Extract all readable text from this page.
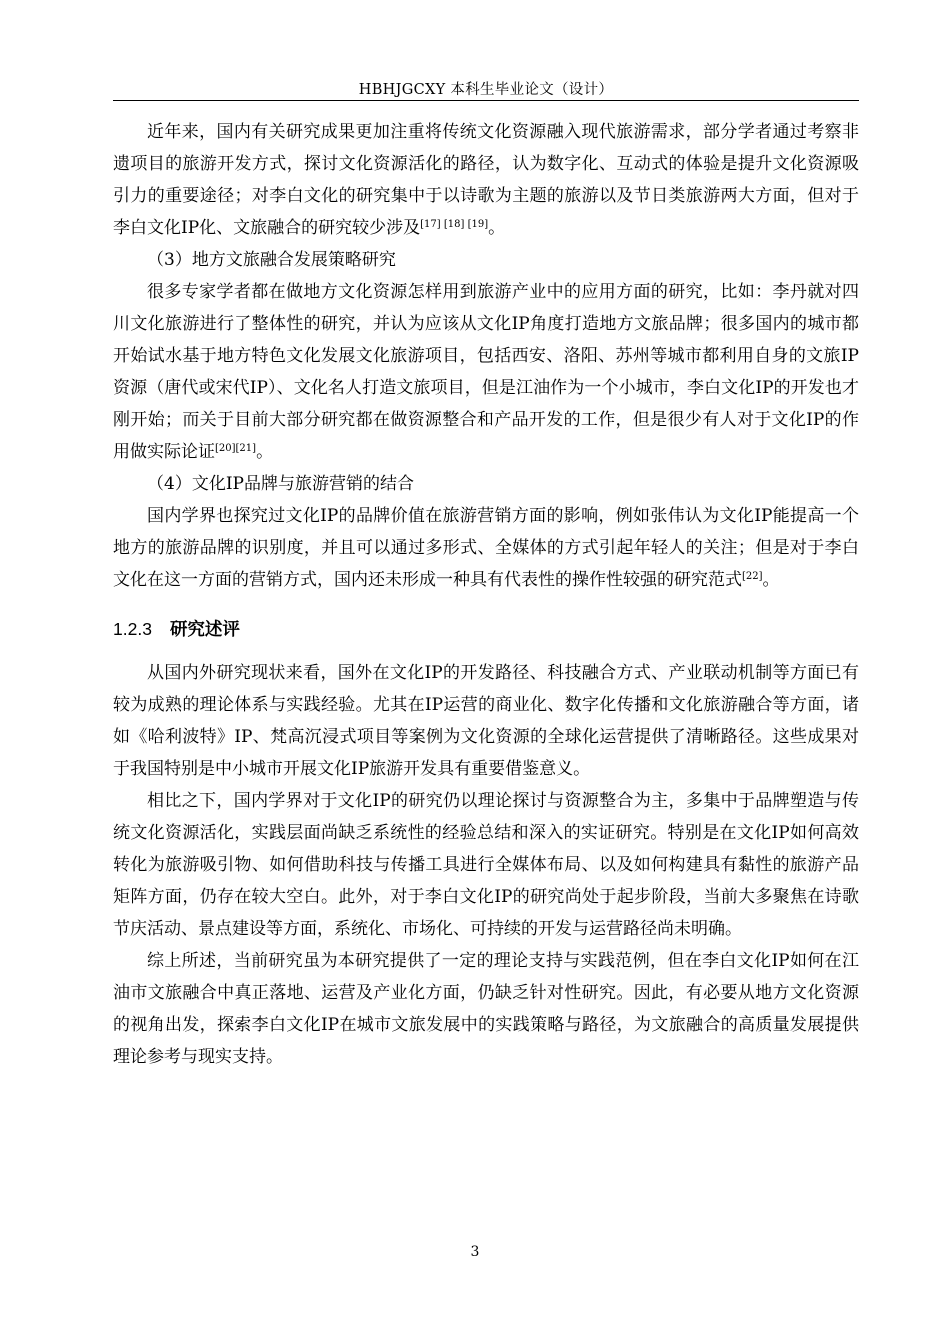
HBHJGCXY 本科生毕业论文（设计）

近年来，国内有关研究成果更加注重将传统文化资源融入现代旅游需求，部分学者通过考察非遗项目的旅游开发方式，探讨文化资源活化的路径，认为数字化、互动式的体验是提升文化资源吸引力的重要途径；对李白文化的研究集中于以诗歌为主题的旅游以及节日类旅游两大方面，但对于李白文化IP化、文旅融合的研究较少涉及[17] [18] [19]。

（3）地方文旅融合发展策略研究

很多专家学者都在做地方文化资源怎样用到旅游产业中的应用方面的研究，比如：李丹就对四川文化旅游进行了整体性的研究，并认为应该从文化IP角度打造地方文旅品牌；很多国内的城市都开始试水基于地方特色文化发展文化旅游项目，包括西安、洛阳、苏州等城市都利用自身的文旅IP资源（唐代或宋代IP）、文化名人打造文旅项目，但是江油作为一个小城市，李白文化IP的开发也才刚开始；而关于目前大部分研究都在做资源整合和产品开发的工作，但是很少有人对于文化IP的作用做实际论证[20][21]。

（4）文化IP品牌与旅游营销的结合

国内学界也探究过文化IP的品牌价值在旅游营销方面的影响，例如张伟认为文化IP能提高一个地方的旅游品牌的识别度，并且可以通过多形式、全媒体的方式引起年轻人的关注；但是对于李白文化在这一方面的营销方式，国内还未形成一种具有代表性的操作性较强的研究范式[22]。

1.2.3 研究述评

从国内外研究现状来看，国外在文化IP的开发路径、科技融合方式、产业联动机制等方面已有较为成熟的理论体系与实践经验。尤其在IP运营的商业化、数字化传播和文化旅游融合等方面，诸如《哈利波特》IP、梵高沉浸式项目等案例为文化资源的全球化运营提供了清晰路径。这些成果对于我国特别是中小城市开展文化IP旅游开发具有重要借鉴意义。

相比之下，国内学界对于文化IP的研究仍以理论探讨与资源整合为主，多集中于品牌塑造与传统文化资源活化，实践层面尚缺乏系统性的经验总结和深入的实证研究。特别是在文化IP如何高效转化为旅游吸引物、如何借助科技与传播工具进行全媒体布局、以及如何构建具有黏性的旅游产品矩阵方面，仍存在较大空白。此外，对于李白文化IP的研究尚处于起步阶段，当前大多聚焦在诗歌节庆活动、景点建设等方面，系统化、市场化、可持续的开发与运营路径尚未明确。

综上所述，当前研究虽为本研究提供了一定的理论支持与实践范例，但在李白文化IP如何在江油市文旅融合中真正落地、运营及产业化方面，仍缺乏针对性研究。因此，有必要从地方文化资源的视角出发，探索李白文化IP在城市文旅发展中的实践策略与路径，为文旅融合的高质量发展提供理论参考与现实支持。

3
